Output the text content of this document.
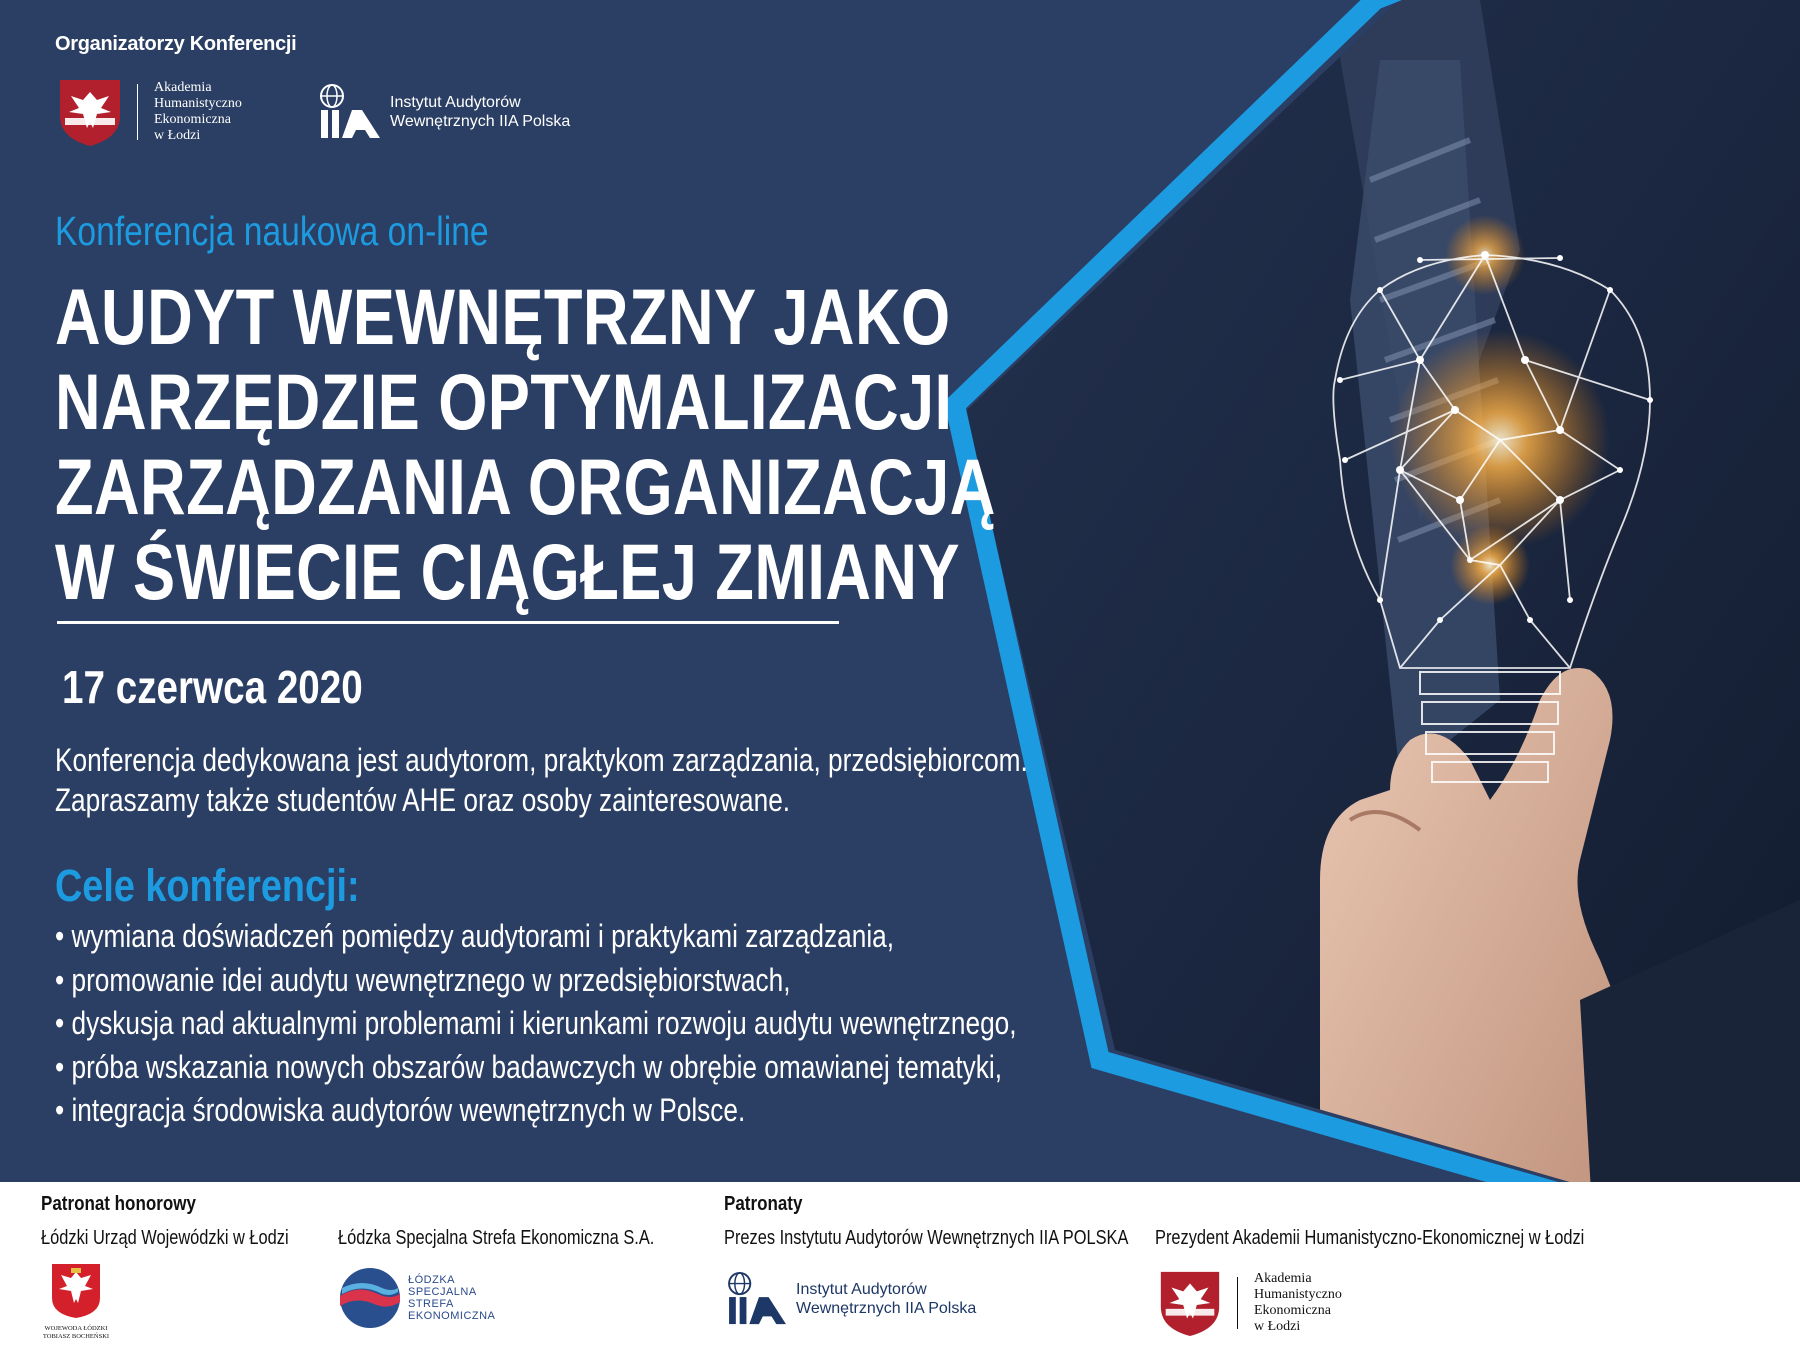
Organizatorzy Konferencji
Akademia
Humanistyczno
Ekonomiczna
w Łodzi
Instytut Audytorów
Wewnętrznych IIA Polska
Konferencja naukowa on-line
AUDYT WEWNĘTRZNY JAKO
NARZĘDZIE OPTYMALIZACJI
ZARZĄDZANIA ORGANIZACJĄ
W ŚWIECIE CIĄGŁEJ ZMIANY
17 czerwca 2020
Konferencja dedykowana jest audytorom, praktykom zarządzania, przedsiębiorcom.
Zapraszamy także studentów AHE oraz osoby zainteresowane.
Cele konferencji:
• wymiana doświadczeń pomiędzy audytorami i praktykami zarządzania,
• promowanie idei audytu wewnętrznego w przedsiębiorstwach,
• dyskusja nad aktualnymi problemami i kierunkami rozwoju audytu wewnętrznego,
• próba wskazania nowych obszarów badawczych w obrębie omawianej tematyki,
• integracja środowiska audytorów wewnętrznych w Polsce.
Patronat honorowy	Patronaty
Łódzki Urząd Wojewódzki w Łodzi Łódzka Specjalna Strefa Ekonomiczna S.A.	Prezes Instytutu Audytorów Wewnętrznych IIA POLSKA Prezydent Akademii Humanistyczno-Ekonomicznej w Łodzi
WOJEWODA ŁÓDZKI
TOBIASZ BOCHEŃSKI
ŁÓDZKA
SPECJALNA
STREFA
EKONOMICZNA
Instytut Audytorów
Wewnętrznych IIA Polska
Akademia
Humanistyczno
Ekonomiczna
w Łodzi
